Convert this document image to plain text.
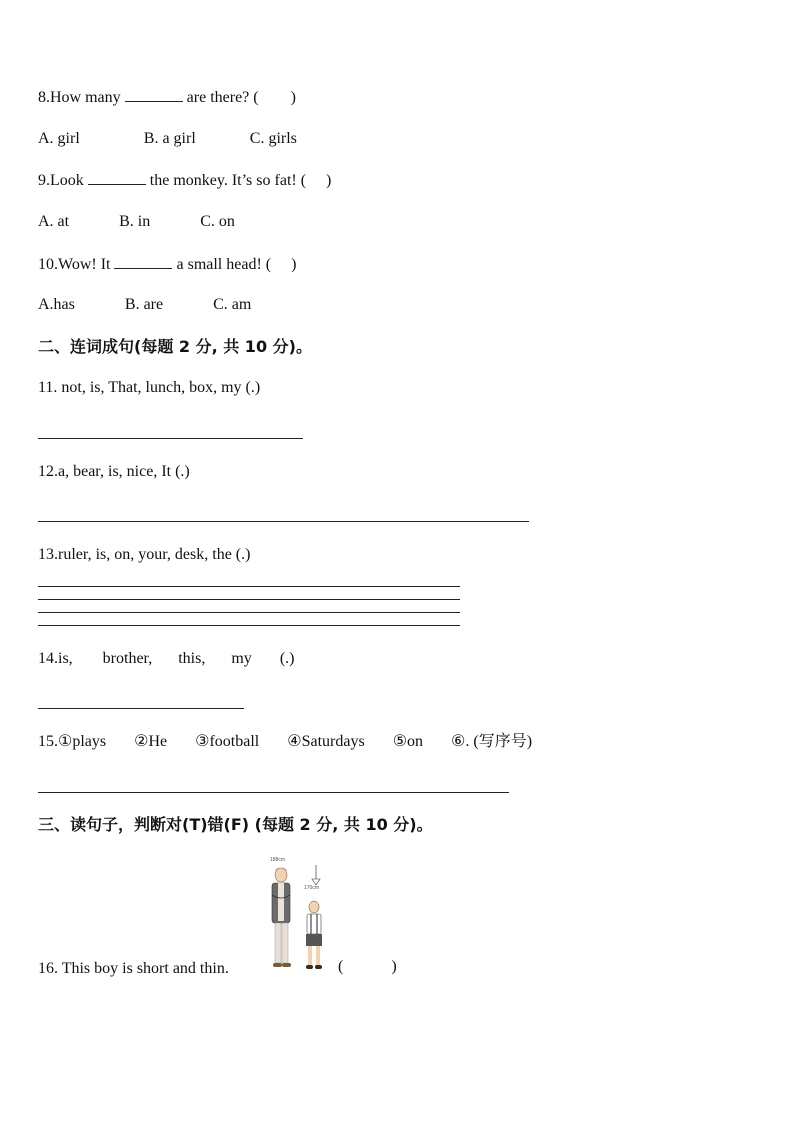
8.How many	are there? (  )
A. girl	B. a girl	C. girls
9.Look	the monkey. It’s so fat! (  )
A. at	B. in	C. on
10.Wow! It	a small head! (  )
A.has	B. are	C. am
二、连词成句(每题 2 分, 共 10 分)。
11. not, is, That, lunch, box, my (.)
12.a, bear, is, nice, It (.)
13.ruler, is, on, your, desk, the (.)
14.is, brother, this, my (.)
15.①plays ②He ③football ④Saturdays ⑤on ⑥. (写序号)
三、读句子，判断对(T)错(F) (每题 2 分, 共 10 分)。
188cm
170cm
16. This boy is short and thin.	(   )
